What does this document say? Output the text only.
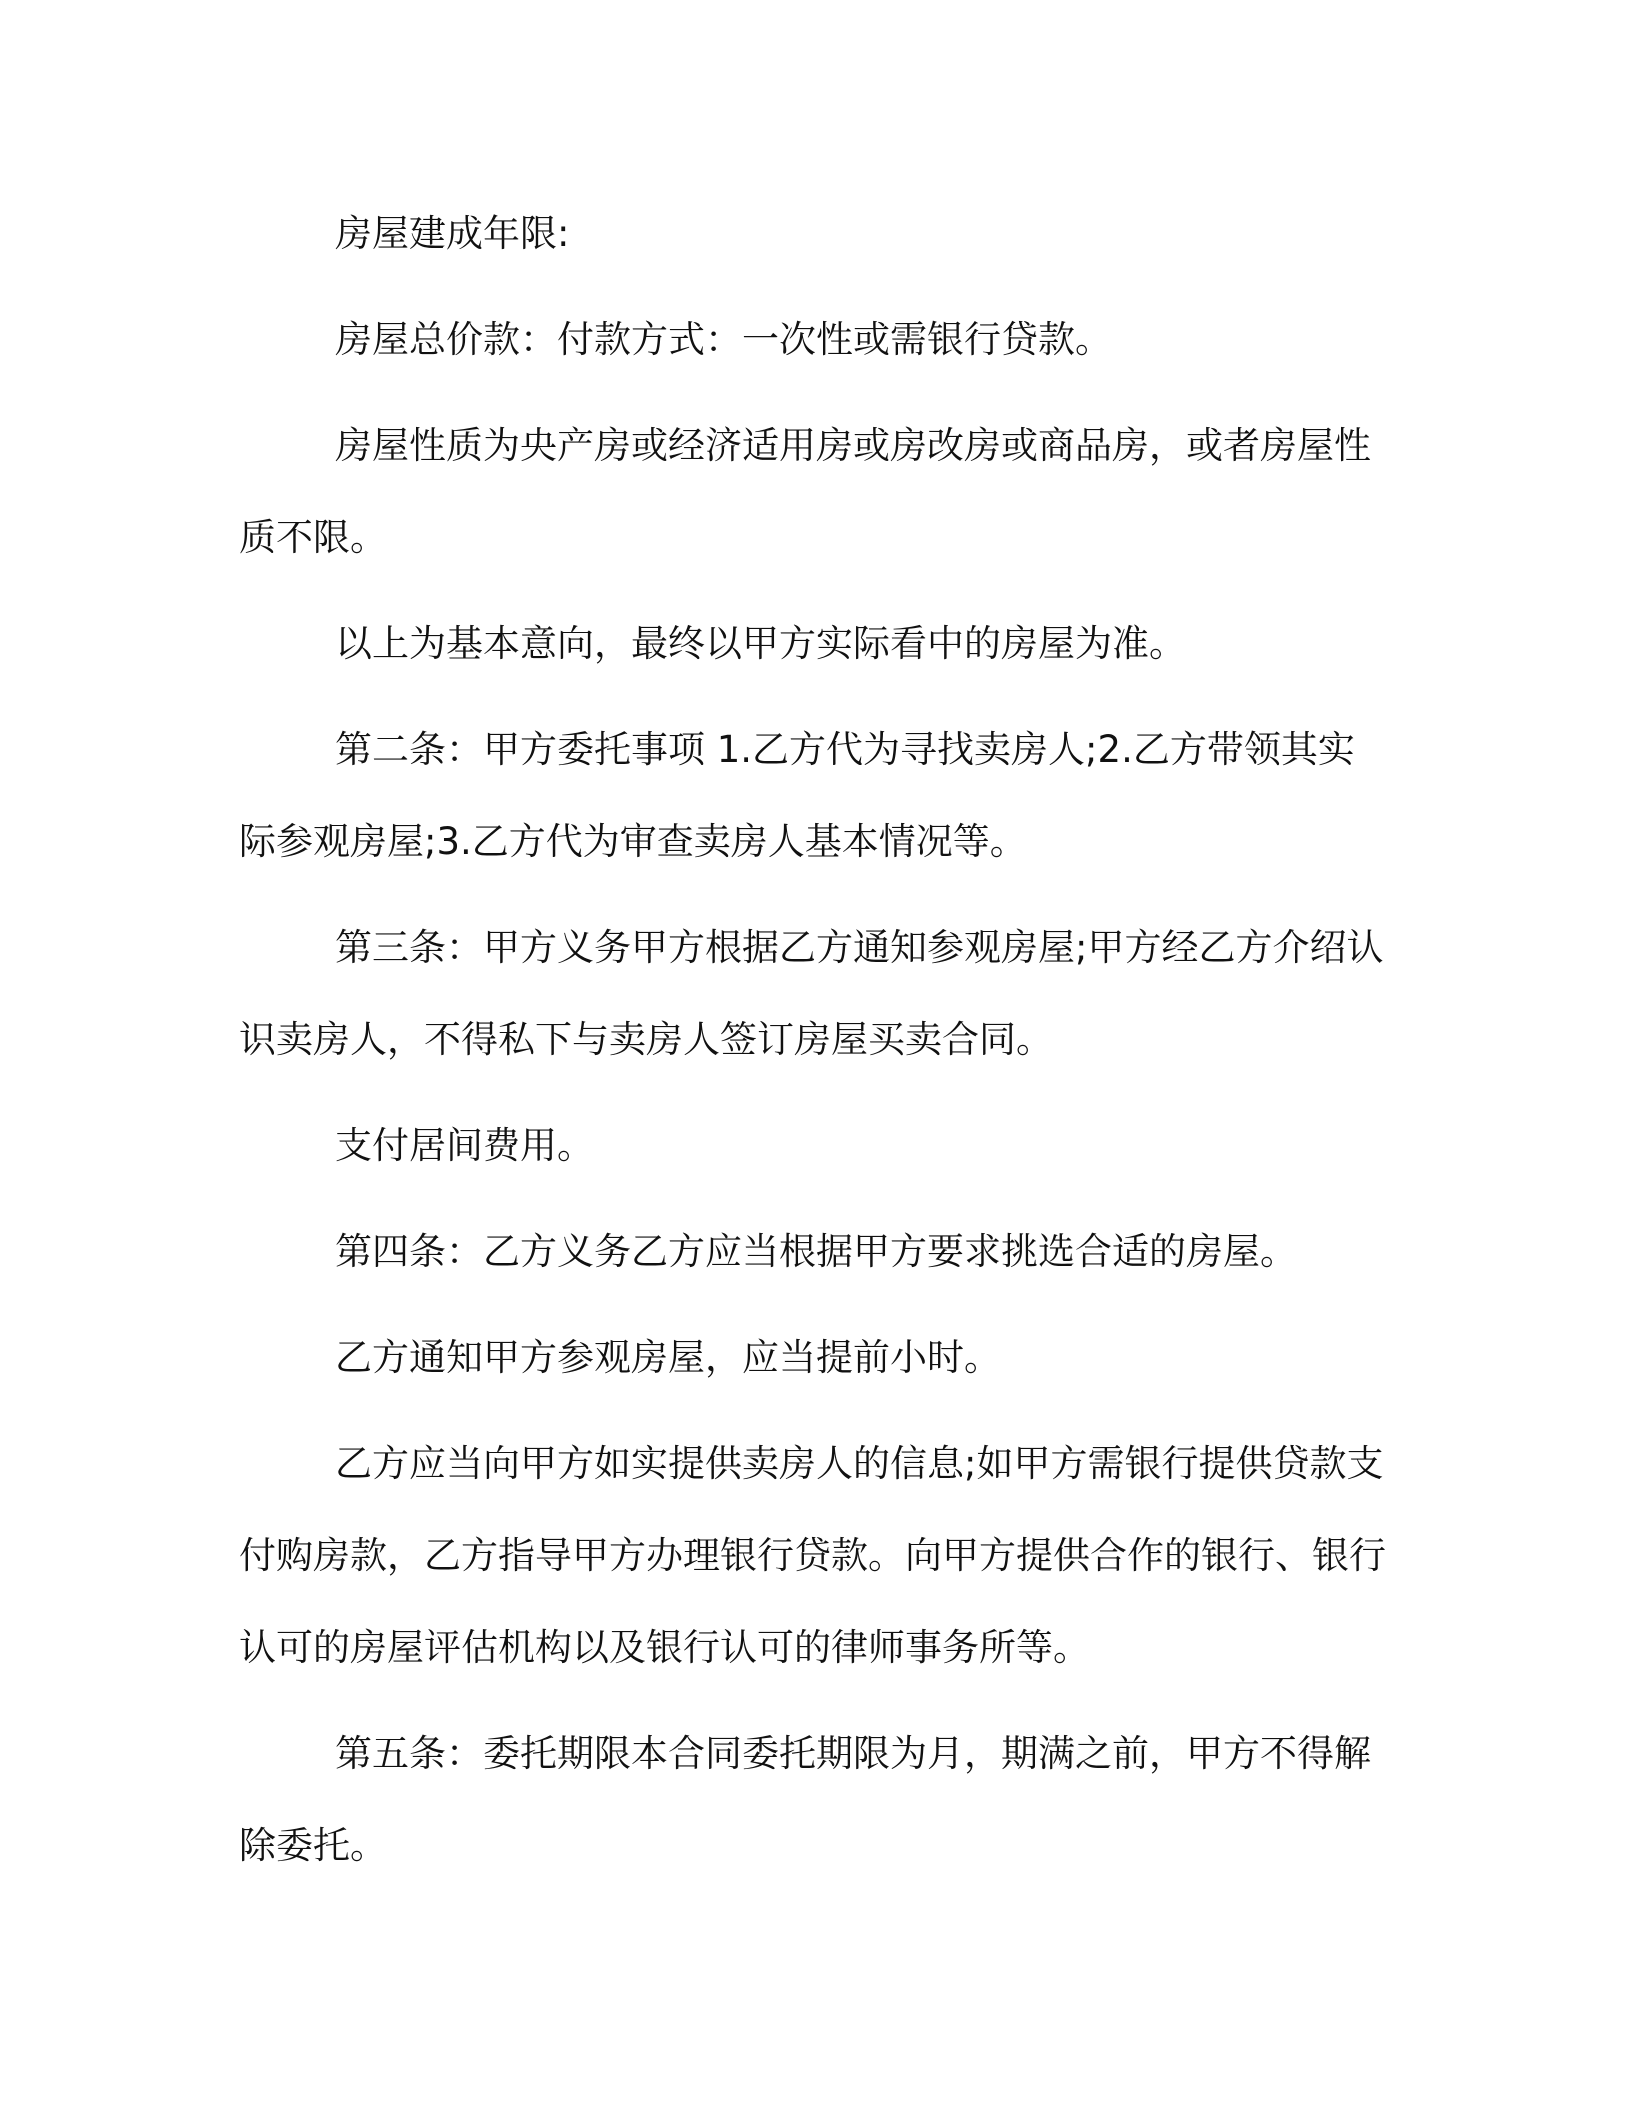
房屋建成年限:

房屋总价款：付款方式：一次性或需银行贷款。

房屋性质为央产房或经济适用房或房改房或商品房，或者房屋性质不限。

以上为基本意向，最终以甲方实际看中的房屋为准。

第二条：甲方委托事项 1.乙方代为寻找卖房人;2.乙方带领其实际参观房屋;3.乙方代为审查卖房人基本情况等。

第三条：甲方义务甲方根据乙方通知参观房屋;甲方经乙方介绍认识卖房人，不得私下与卖房人签订房屋买卖合同。

支付居间费用。

第四条：乙方义务乙方应当根据甲方要求挑选合适的房屋。

乙方通知甲方参观房屋，应当提前小时。

乙方应当向甲方如实提供卖房人的信息;如甲方需银行提供贷款支付购房款，乙方指导甲方办理银行贷款。向甲方提供合作的银行、银行认可的房屋评估机构以及银行认可的律师事务所等。

第五条：委托期限本合同委托期限为月，期满之前，甲方不得解除委托。
